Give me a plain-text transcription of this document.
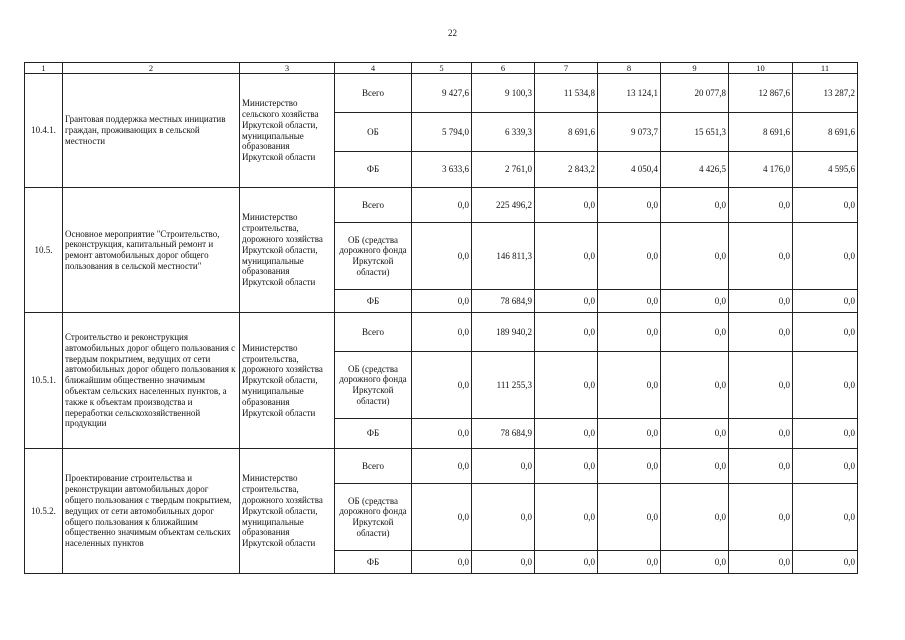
22
1	2	3	4	5	6	7	8	9	10	11
10.4.1.	Грантовая поддержка местных инициатив граждан, проживающих в сельской местности	Министерство сельского хозяйства Иркутской области, муниципальные образования Иркутской области	Всего	9 427,6	9 100,3	11 534,8	13 124,1	20 077,8	12 867,6	13 287,2
			ОБ	5 794,0	6 339,3	8 691,6	9 073,7	15 651,3	8 691,6	8 691,6
			ФБ	3 633,6	2 761,0	2 843,2	4 050,4	4 426,5	4 176,0	4 595,6
10.5.	Основное мероприятие "Строительство, реконструкция, капитальный ремонт и ремонт автомобильных дорог общего пользования в сельской местности"	Министерство строительства, дорожного хозяйства Иркутской области, муниципальные образования Иркутской области	Всего	0,0	225 496,2	0,0	0,0	0,0	0,0	0,0
			ОБ (средства дорожного фонда Иркутской области)	0,0	146 811,3	0,0	0,0	0,0	0,0	0,0
			ФБ	0,0	78 684,9	0,0	0,0	0,0	0,0	0,0
10.5.1.	Строительство и реконструкция автомобильных дорог общего пользования с твердым покрытием, ведущих от сети автомобильных дорог общего пользования к ближайшим общественно значимым объектам сельских населенных пунктов, а также к объектам производства и переработки сельскохозяйственной продукции	Министерство строительства, дорожного хозяйства Иркутской области, муниципальные образования Иркутской области	Всего	0,0	189 940,2	0,0	0,0	0,0	0,0	0,0
			ОБ (средства дорожного фонда Иркутской области)	0,0	111 255,3	0,0	0,0	0,0	0,0	0,0
			ФБ	0,0	78 684,9	0,0	0,0	0,0	0,0	0,0
10.5.2.	Проектирование строительства и реконструкции автомобильных дорог общего пользования с твердым покрытием, ведущих от сети автомобильных дорог общего пользования к ближайшим общественно значимым объектам сельских населенных пунктов	Министерство строительства, дорожного хозяйства Иркутской области, муниципальные образования Иркутской области	Всего	0,0	0,0	0,0	0,0	0,0	0,0	0,0
			ОБ (средства дорожного фонда Иркутской области)	0,0	0,0	0,0	0,0	0,0	0,0	0,0
			ФБ	0,0	0,0	0,0	0,0	0,0	0,0	0,0
